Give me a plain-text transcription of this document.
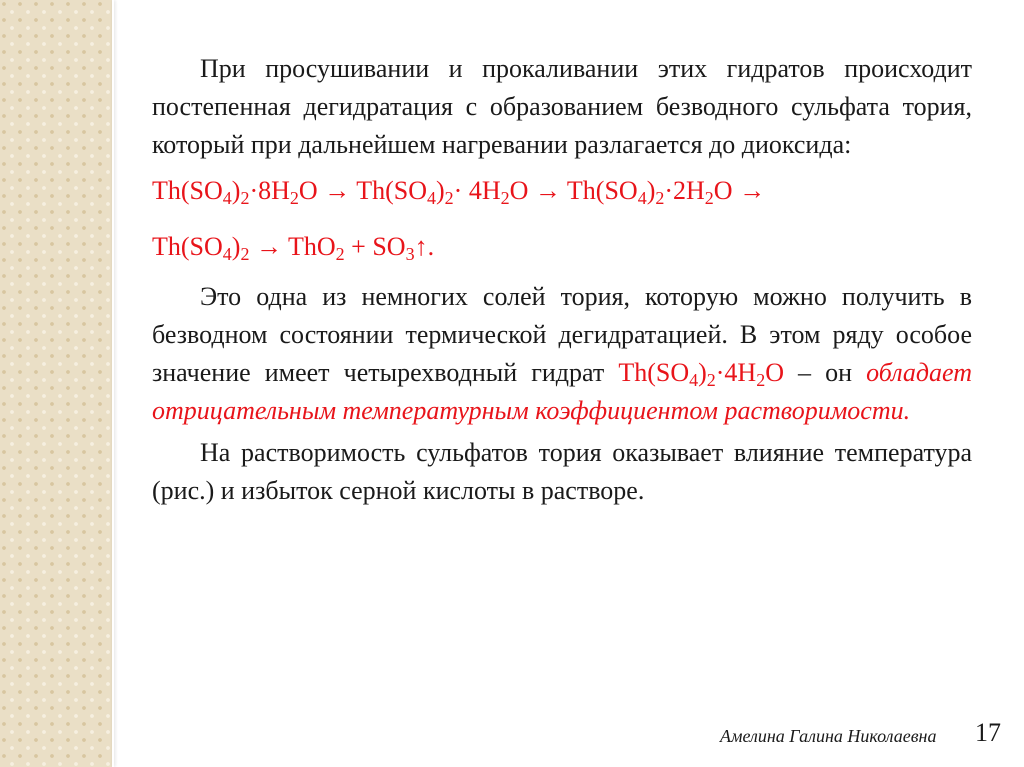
При просушивании и прокаливании этих гидратов происходит постепенная дегидратация с образованием безводного сульфата тория, который при дальнейшем нагревании разлагается до диоксида:

$Th(SO_4)_2\cdot 8H_2O \to Th(SO_4)_2\cdot 4H_2O \to Th(SO_4)_2\cdot 2H_2O$ →

$Th(SO_4)_2 \to ThO_2$ + $SO_3↑$.

Это одна из немногих солей тория, которую можно получить в безводном состоянии термической дегидратацией. В этом ряду особое значение имеет четырехводный гидрат $Th(SO_4)_2\cdot 4H_2O$ – он обладает отрицательным температурным коэффициентом растворимости.

На растворимость сульфатов тория оказывает влияние температура (рис.) и избыток серной кислоты в растворе.

Амелина Галина Николаевна 17
